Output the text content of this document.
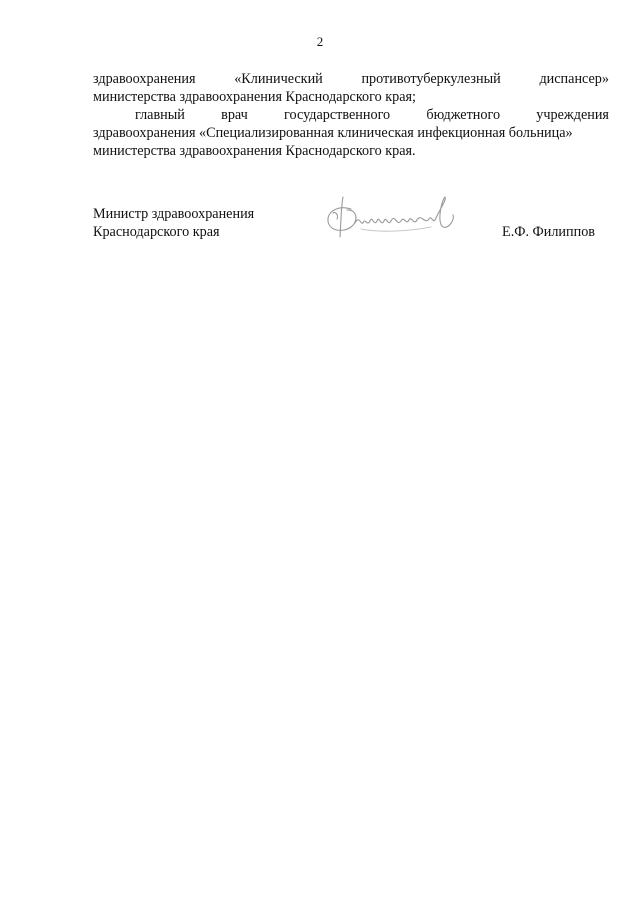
2
здравоохранения	«Клинический	противотуберкулезный	диспансер»
министерства здравоохранения Краснодарского края;
главный	врач	государственного	бюджетного	учреждения
здравоохранения «Специализированная клиническая инфекционная больница»
министерства здравоохранения Краснодарского края.
Министр здравоохранения
Краснодарского края	Е.Ф. Филиппов
